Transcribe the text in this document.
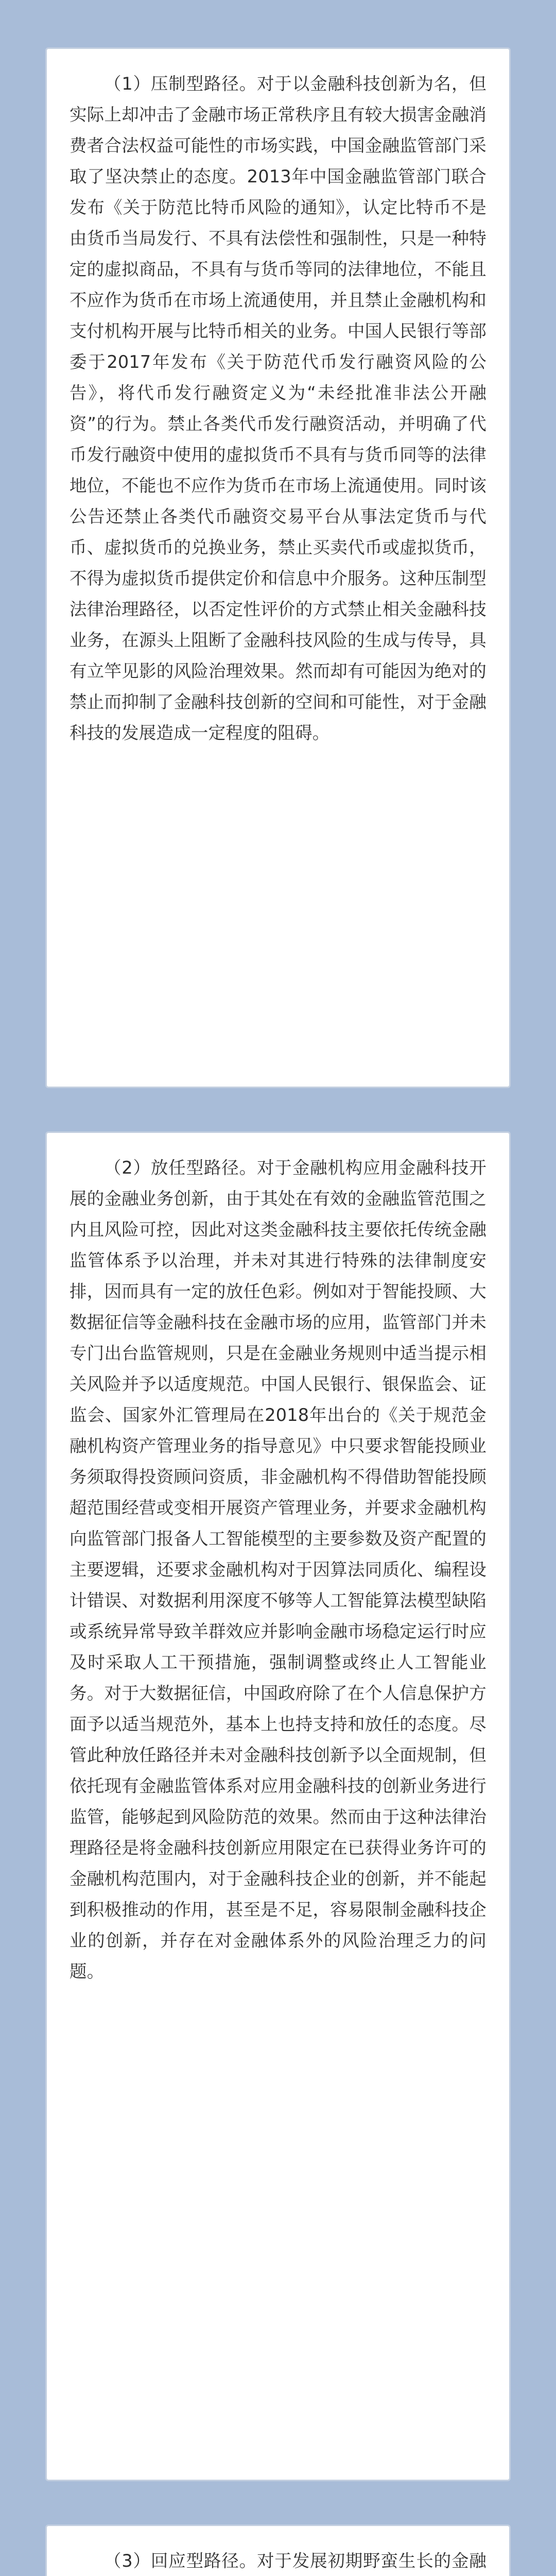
（1）压制型路径。对于以金融科技创新为名，但实际上却冲击了金融市场正常秩序且有较大损害金融消费者合法权益可能性的市场实践，中国金融监管部门采取了坚决禁止的态度。2013年中国金融监管部门联合发布《关于防范比特币风险的通知》，认定比特币不是由货币当局发行、不具有法偿性和强制性，只是一种特定的虚拟商品，不具有与货币等同的法律地位，不能且不应作为货币在市场上流通使用，并且禁止金融机构和支付机构开展与比特币相关的业务。中国人民银行等部委于2017年发布《关于防范代币发行融资风险的公告》，将代币发行融资定义为“未经批准非法公开融资”的行为。禁止各类代币发行融资活动，并明确了代币发行融资中使用的虚拟货币不具有与货币同等的法律地位，不能也不应作为货币在市场上流通使用。同时该公告还禁止各类代币融资交易平台从事法定货币与代币、虚拟货币的兑换业务，禁止买卖代币或虚拟货币，不得为虚拟货币提供定价和信息中介服务。这种压制型法律治理路径，以否定性评价的方式禁止相关金融科技业务，在源头上阻断了金融科技风险的生成与传导，具有立竿见影的风险治理效果。然而却有可能因为绝对的禁止而抑制了金融科技创新的空间和可能性，对于金融科技的发展造成一定程度的阻碍。

（2）放任型路径。对于金融机构应用金融科技开展的金融业务创新，由于其处在有效的金融监管范围之内且风险可控，因此对这类金融科技主要依托传统金融监管体系予以治理，并未对其进行特殊的法律制度安排，因而具有一定的放任色彩。例如对于智能投顾、大数据征信等金融科技在金融市场的应用，监管部门并未专门出台监管规则，只是在金融业务规则中适当提示相关风险并予以适度规范。中国人民银行、银保监会、证监会、国家外汇管理局在2018年出台的《关于规范金融机构资产管理业务的指导意见》中只要求智能投顾业务须取得投资顾问资质，非金融机构不得借助智能投顾超范围经营或变相开展资产管理业务，并要求金融机构向监管部门报备人工智能模型的主要参数及资产配置的主要逻辑，还要求金融机构对于因算法同质化、编程设计错误、对数据利用深度不够等人工智能算法模型缺陷或系统异常导致羊群效应并影响金融市场稳定运行时应及时采取人工干预措施，强制调整或终止人工智能业务。对于大数据征信，中国政府除了在个人信息保护方面予以适当规范外，基本上也持支持和放任的态度。尽管此种放任路径并未对金融科技创新予以全面规制，但依托现有金融监管体系对应用金融科技的创新业务进行监管，能够起到风险防范的效果。然而由于这种法律治理路径是将金融科技创新应用限定在已获得业务许可的金融机构范围内，对于金融科技企业的创新，并不能起到积极推动的作用，甚至是不足，容易限制金融科技企业的创新，并存在对金融体系外的风险治理乏力的问题。

（3）回应型路径。对于发展初期野蛮生长的金融
